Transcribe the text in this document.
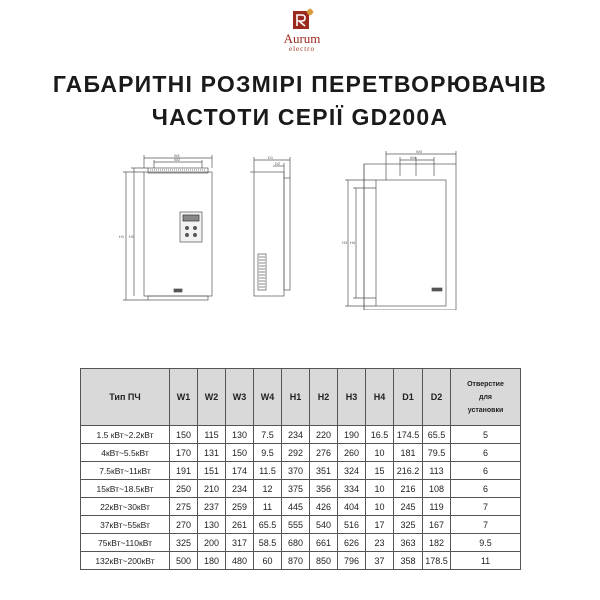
Aurum
electro
ГАБАРИТНІ РОЗМІРІ ПЕРЕТВОРЮВАЧІВ
ЧАСТОТИ СЕРІЇ GD200A
W1
W2
H1 H2
D1
D2
W3
W4
H3 H4
Тип ПЧ	W1	W2	W3	W4	H1	H2	H3	H4	D1	D2	Отверстие
для
установки
1.5 кВт~2.2кВт	150	115	130	7.5	234	220	190	16.5	174.5	65.5	5
4кВт~5.5кВт	170	131	150	9.5	292	276	260	10	181	79.5	6
7.5кВт~11кВт	191	151	174	11.5	370	351	324	15	216.2	113	6
15кВт~18.5кВт	250	210	234	12	375	356	334	10	216	108	6
22кВт~30кВт	275	237	259	11	445	426	404	10	245	119	7
37кВт~55кВт	270	130	261	65.5	555	540	516	17	325	167	7
75кВт~110кВт	325	200	317	58.5	680	661	626	23	363	182	9.5
132кВт~200кВт	500	180	480	60	870	850	796	37	358	178.5	11
